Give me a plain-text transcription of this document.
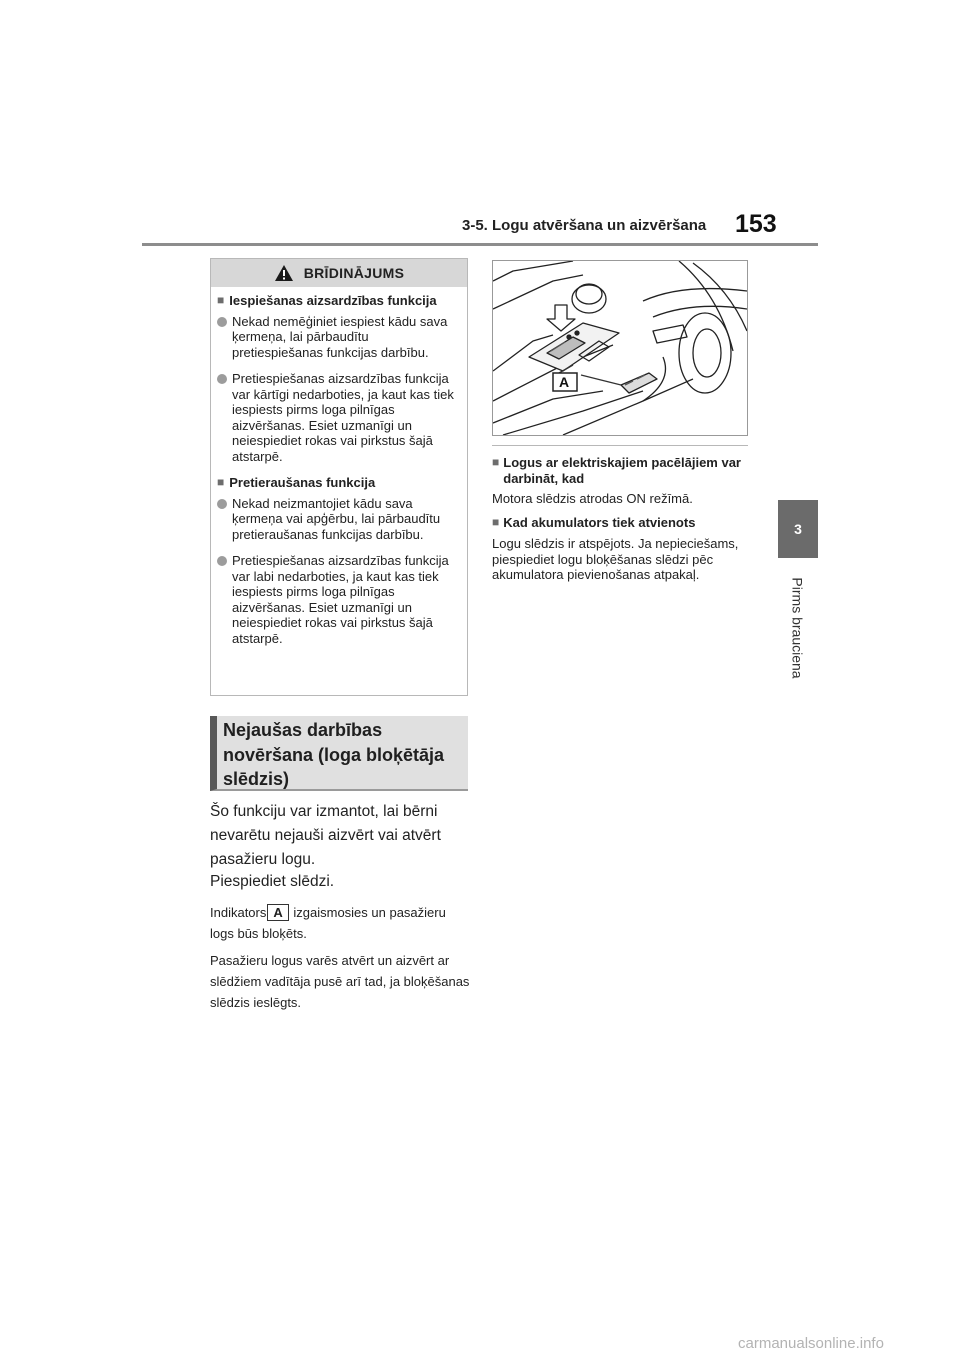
3-5. Logu atvēršana un aizvēršana 153
3
Pirms brauciena
BRĪDINĀJUMS
■ Iespiešanas aizsardzības funkcija
Nekad nemēģiniet iespiest kādu sava ķermeņa, lai pārbaudītu pretiespiešanas funkcijas darbību.
Pretiespiešanas aizsardzības funkcija var kārtīgi nedarboties, ja kaut kas tiek iespiests pirms loga pilnīgas aizvēršanas. Esiet uzmanīgi un neiespiediet rokas vai pirkstus šajā atstarpē.
■ Pretieraušanas funkcija
Nekad neizmantojiet kādu sava ķermeņa vai apģērbu, lai pārbaudītu pretieraušanas funkcijas darbību.
Pretiespiešanas aizsardzības funkcija var labi nedarboties, ja kaut kas tiek iespiests pirms loga pilnīgas aizvēršanas. Esiet uzmanīgi un neiespiediet rokas vai pirkstus šajā atstarpē.
Nejaušas darbības
novēršana (loga bloķētāja
slēdzis)
Šo funkciju var izmantot, lai bērni nevarētu nejauši aizvērt vai atvērt pasažieru logu.
Piespiediet slēdzi.
Indikators A izgaismosies un pasažieru logs būs bloķēts.
Pasažieru logus varēs atvērt un aizvērt ar slēdžiem vadītāja pusē arī tad, ja bloķēšanas slēdzis ieslēgts.
A
■ Logus ar elektriskajiem pacēlājiem var darbināt, kad
Motora slēdzis atrodas ON režīmā.
■ Kad akumulators tiek atvienots
Logu slēdzis ir atspējots. Ja nepieciešams, piespiediet logu bloķēšanas slēdzi pēc akumulatora pievienošanas atpakaļ.
carmanualsonline.info
